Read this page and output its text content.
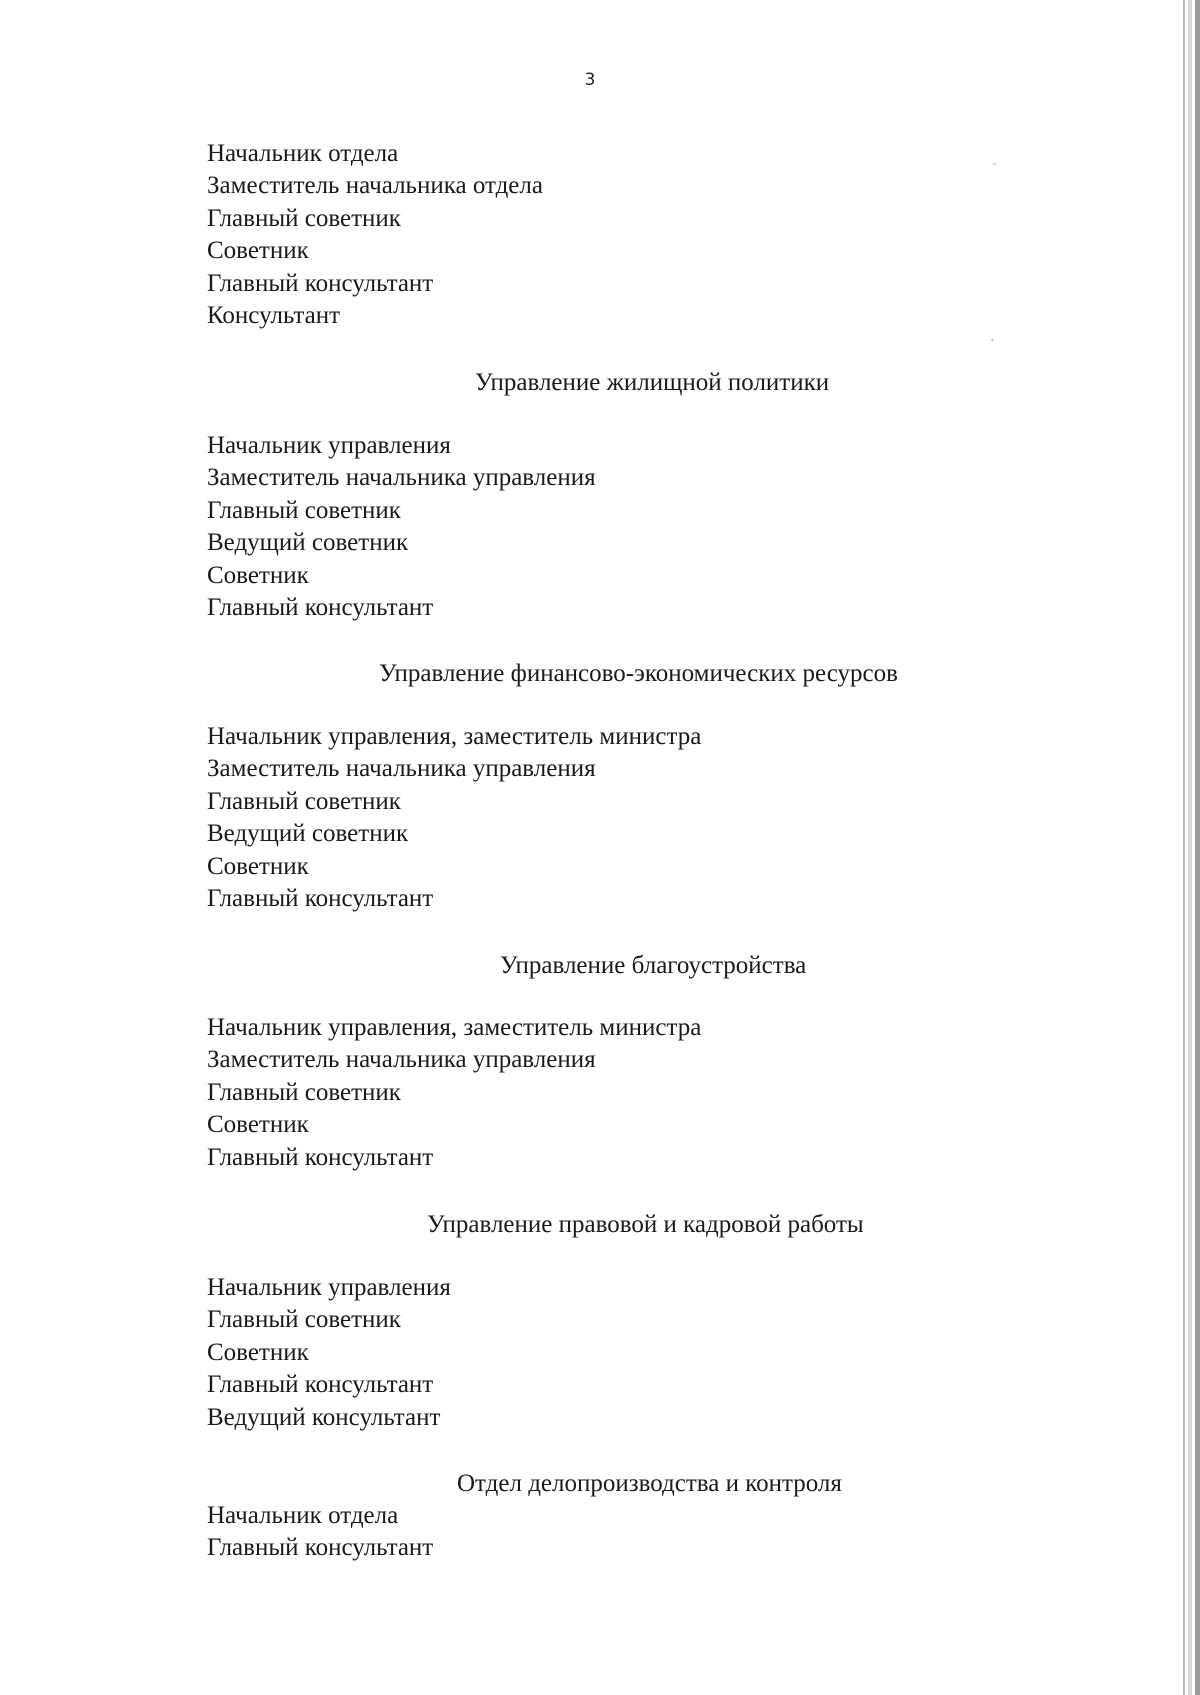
3
Начальник отдела
Заместитель начальника отдела
Главный советник
Советник
Главный консультант
Консультант
Управление жилищной политики
Начальник управления
Заместитель начальника управления
Главный советник
Ведущий советник
Советник
Главный консультант
Управление финансово-экономических ресурсов
Начальник управления, заместитель министра
Заместитель начальника управления
Главный советник
Ведущий советник
Советник
Главный консультант
Управление благоустройства
Начальник управления, заместитель министра
Заместитель начальника управления
Главный советник
Советник
Главный консультант
Управление правовой и кадровой работы
Начальник управления
Главный советник
Советник
Главный консультант
Ведущий консультант
Отдел делопроизводства и контроля
Начальник отдела
Главный консультант
